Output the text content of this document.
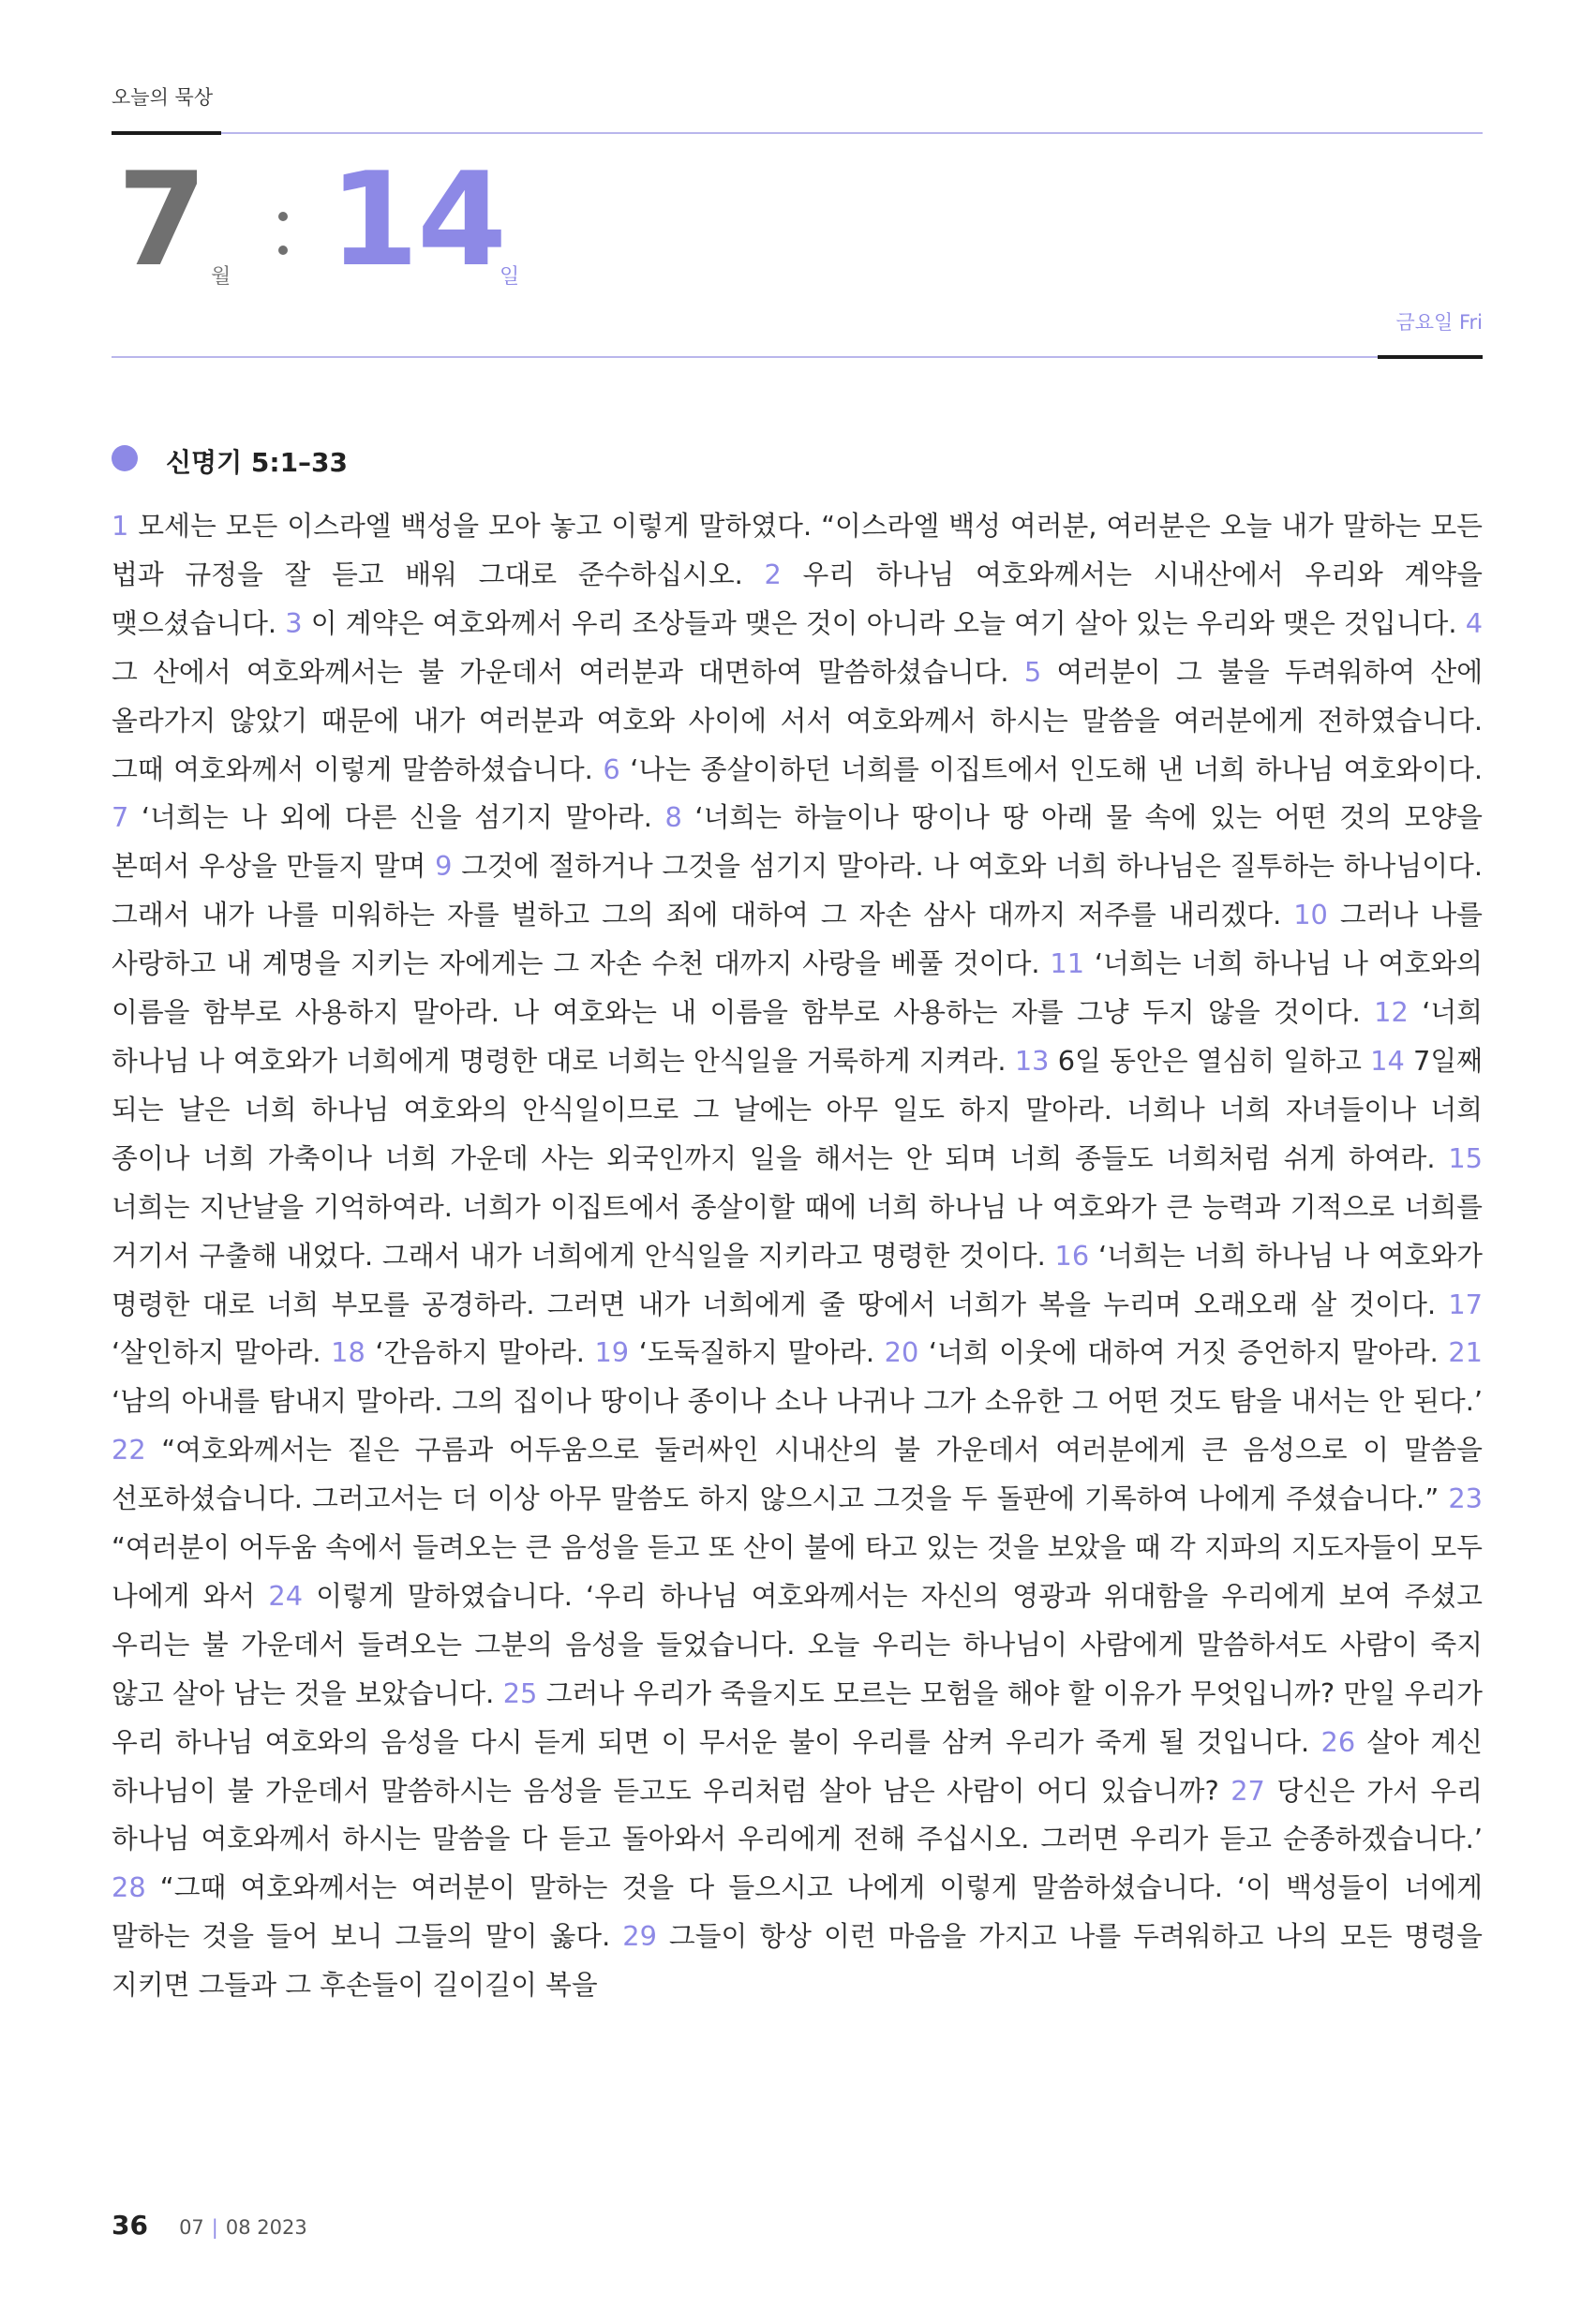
오늘의 묵상
7 월 14
일
금요일 Fri
신명기 5:1–33
1 모세는 모든 이스라엘 백성을 모아 놓고 이렇게 말하였다. “이스라엘 백성 여러분, 여러분은 오늘 내가 말하는 모든 법과 규정을 잘 듣고 배워 그대로 준수하십시오. 2 우리 하나님 여호와께서는 시내산에서 우리와 계약을 맺으셨습니다. 3 이 계약은 여호와께서 우리 조상들과 맺은 것이 아니라 오늘 여기 살아 있는 우리와 맺은 것입니다. 4 그 산에서 여호와께서는 불 가운데서 여러분과 대면하여 말씀하셨습니다. 5 여러분이 그 불을 두려워하여 산에 올라가지 않았기 때문에 내가 여러분과 여호와 사이에 서서 여호와께서 하시는 말씀을 여러분에게 전하였습니다. 그때 여호와께서 이렇게 말씀하셨습니다. 6 ‘나는 종살이하던 너희를 이집트에서 인도해 낸 너희 하나님 여호와이다. 7 ‘너희는 나 외에 다른 신을 섬기지 말아라. 8 ‘너희는 하늘이나 땅이나 땅 아래 물 속에 있는 어떤 것의 모양을 본떠서 우상을 만들지 말며 9 그것에 절하거나 그것을 섬기지 말아라. 나 여호와 너희 하나님은 질투하는 하나님이다. 그래서 내가 나를 미워하는 자를 벌하고 그의 죄에 대하여 그 자손 삼사 대까지 저주를 내리겠다. 10 그러나 나를 사랑하고 내 계명을 지키는 자에게는 그 자손 수천 대까지 사랑을 베풀 것이다. 11 ‘너희는 너희 하나님 나 여호와의 이름을 함부로 사용하지 말아라. 나 여호와는 내 이름을 함부로 사용하는 자를 그냥 두지 않을 것이다. 12 ‘너희 하나님 나 여호와가 너희에게 명령한 대로 너희는 안식일을 거룩하게 지켜라. 13 6일 동안은 열심히 일하고 14 7일째 되는 날은 너희 하나님 여호와의 안식일이므로 그 날에는 아무 일도 하지 말아라. 너희나 너희 자녀들이나 너희 종이나 너희 가축이나 너희 가운데 사는 외국인까지 일을 해서는 안 되며 너희 종들도 너희처럼 쉬게 하여라. 15 너희는 지난날을 기억하여라. 너희가 이집트에서 종살이할 때에 너희 하나님 나 여호와가 큰 능력과 기적으로 너희를 거기서 구출해 내었다. 그래서 내가 너희에게 안식일을 지키라고 명령한 것이다. 16 ‘너희는 너희 하나님 나 여호와가 명령한 대로 너희 부모를 공경하라. 그러면 내가 너희에게 줄 땅에서 너희가 복을 누리며 오래오래 살 것이다. 17 ‘살인하지 말아라. 18 ‘간음하지 말아라. 19 ‘도둑질하지 말아라. 20 ‘너희 이웃에 대하여 거짓 증언하지 말아라. 21 ‘남의 아내를 탐내지 말아라. 그의 집이나 땅이나 종이나 소나 나귀나 그가 소유한 그 어떤 것도 탐을 내서는 안 된다.’ 22 “여호와께서는 짙은 구름과 어두움으로 둘러싸인 시내산의 불 가운데서 여러분에게 큰 음성으로 이 말씀을 선포하셨습니다. 그러고서는 더 이상 아무 말씀도 하지 않으시고 그것을 두 돌판에 기록하여 나에게 주셨습니다.” 23 “여러분이 어두움 속에서 들려오는 큰 음성을 듣고 또 산이 불에 타고 있는 것을 보았을 때 각 지파의 지도자들이 모두 나에게 와서 24 이렇게 말하였습니다. ‘우리 하나님 여호와께서는 자신의 영광과 위대함을 우리에게 보여 주셨고 우리는 불 가운데서 들려오는 그분의 음성을 들었습니다. 오늘 우리는 하나님이 사람에게 말씀하셔도 사람이 죽지 않고 살아 남는 것을 보았습니다. 25 그러나 우리가 죽을지도 모르는 모험을 해야 할 이유가 무엇입니까? 만일 우리가 우리 하나님 여호와의 음성을 다시 듣게 되면 이 무서운 불이 우리를 삼켜 우리가 죽게 될 것입니다. 26 살아 계신 하나님이 불 가운데서 말씀하시는 음성을 듣고도 우리처럼 살아 남은 사람이 어디 있습니까? 27 당신은 가서 우리 하나님 여호와께서 하시는 말씀을 다 듣고 돌아와서 우리에게 전해 주십시오. 그러면 우리가 듣고 순종하겠습니다.’ 28 “그때 여호와께서는 여러분이 말하는 것을 다 들으시고 나에게 이렇게 말씀하셨습니다. ‘이 백성들이 너에게 말하는 것을 들어 보니 그들의 말이 옳다. 29 그들이 항상 이런 마음을 가지고 나를 두려워하고 나의 모든 명령을 지키면 그들과 그 후손들이 길이길이 복을
36 07 | 08 2023
